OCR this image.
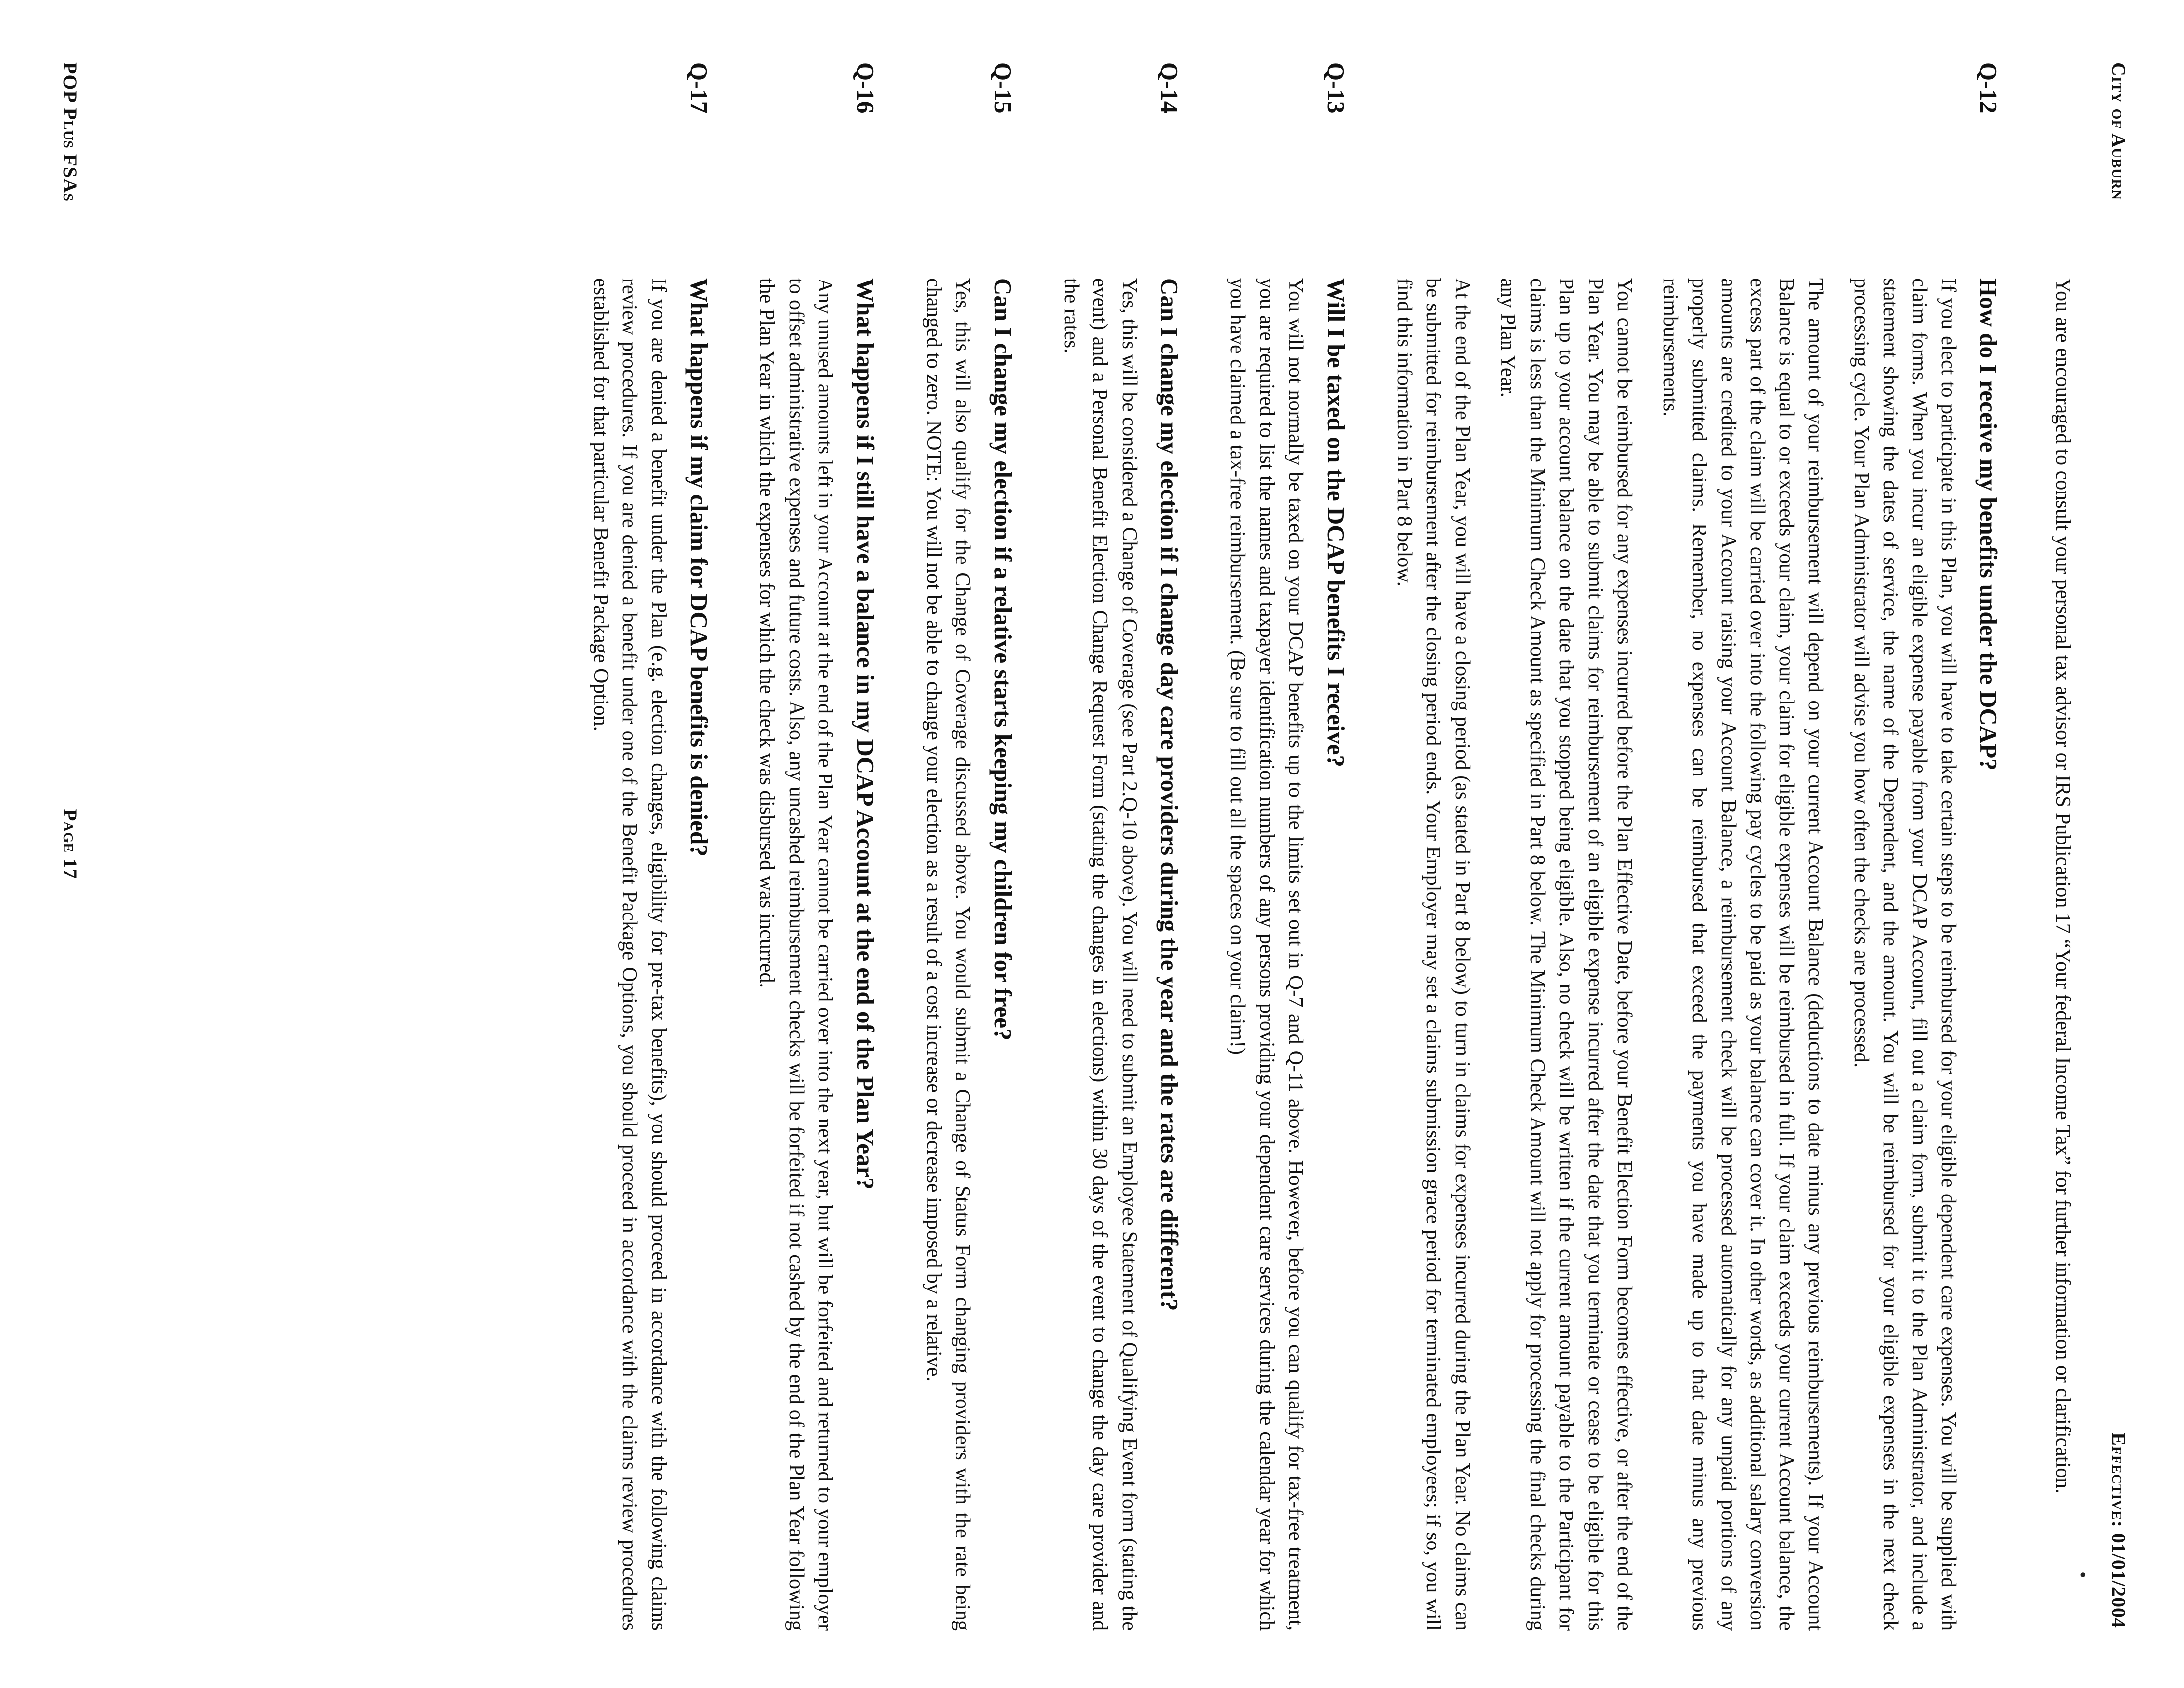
City of Auburn
Effective: 01/01/2004
•

You are encouraged to consult your personal tax advisor or IRS Publication 17 “Your federal Income Tax” for further information or clarification.

Q-12
How do I receive my benefits under the DCAP?

If you elect to participate in this Plan, you will have to take certain steps to be reimbursed for your eligible dependent care expenses. You will be supplied with claim forms. When you incur an eligible expense payable from your DCAP Account, fill out a claim form, submit it to the Plan Administrator, and include a statement showing the dates of service, the name of the Dependent, and the amount. You will be reimbursed for your eligible expenses in the next check processing cycle. Your Plan Administrator will advise you how often the checks are processed.

The amount of your reimbursement will depend on your current Account Balance (deductions to date minus any previous reimbursements). If your Account Balance is equal to or exceeds your claim, your claim for eligible expenses will be reimbursed in full. If your claim exceeds your current Account balance, the excess part of the claim will be carried over into the following pay cycles to be paid as your balance can cover it. In other words, as additional salary conversion amounts are credited to your Account raising your Account Balance, a reimbursement check will be processed automatically for any unpaid portions of any properly submitted claims. Remember, no expenses can be reimbursed that exceed the payments you have made up to that date minus any previous reimbursements.

You cannot be reimbursed for any expenses incurred before the Plan Effective Date, before your Benefit Election Form becomes effective, or after the end of the Plan Year. You may be able to submit claims for reimbursement of an eligible expense incurred after the date that you terminate or cease to be eligible for this Plan up to your account balance on the date that you stopped being eligible. Also, no check will be written if the current amount payable to the Participant for claims is less than the Minimum Check Amount as specified in Part 8 below. The Minimum Check Amount will not apply for processing the final checks during any Plan Year.

At the end of the Plan Year, you will have a closing period (as stated in Part 8 below) to turn in claims for expenses incurred during the Plan Year. No claims can be submitted for reimbursement after the closing period ends. Your Employer may set a claims submission grace period for terminated employees; if so, you will find this information in Part 8 below.

Q-13
Will I be taxed on the DCAP benefits I receive?

You will not normally be taxed on your DCAP benefits up to the limits set out in Q-7 and Q-11 above. However, before you can qualify for tax-free treatment, you are required to list the names and taxpayer identification numbers of any persons providing your dependent care services during the calendar year for which you have claimed a tax-free reimbursement. (Be sure to fill out all the spaces on your claim!)

Q-14
Can I change my election if I change day care providers during the year and the rates are different?

Yes, this will be considered a Change of Coverage (see Part 2.Q-10 above). You will need to submit an Employee Statement of Qualifying Event form (stating the event) and a Personal Benefit Election Change Request Form (stating the changes in elections) within 30 days of the event to change the day care provider and the rates.

Q-15
Can I change my election if a relative starts keeping my children for free?

Yes, this will also qualify for the Change of Coverage discussed above. You would submit a Change of Status Form changing providers with the rate being changed to zero. NOTE: You will not be able to change your election as a result of a cost increase or decrease imposed by a relative.

Q-16
What happens if I still have a balance in my DCAP Account at the end of the Plan Year?

Any unused amounts left in your Account at the end of the Plan Year cannot be carried over into the next year, but will be forfeited and returned to your employer to offset administrative expenses and future costs. Also, any uncashed reimbursement checks will be forfeited if not cashed by the end of the Plan Year following the Plan Year in which the expenses for which the check was disbursed was incurred.

Q-17
What happens if my claim for DCAP benefits is denied?

If you are denied a benefit under the Plan (e.g. election changes, eligibility for pre-tax benefits), you should proceed in accordance with the following claims review procedures. If you are denied a benefit under one of the Benefit Package Options, you should proceed in accordance with the claims review procedures established for that particular Benefit Package Option.

POP Plus FSAs
Page 17
